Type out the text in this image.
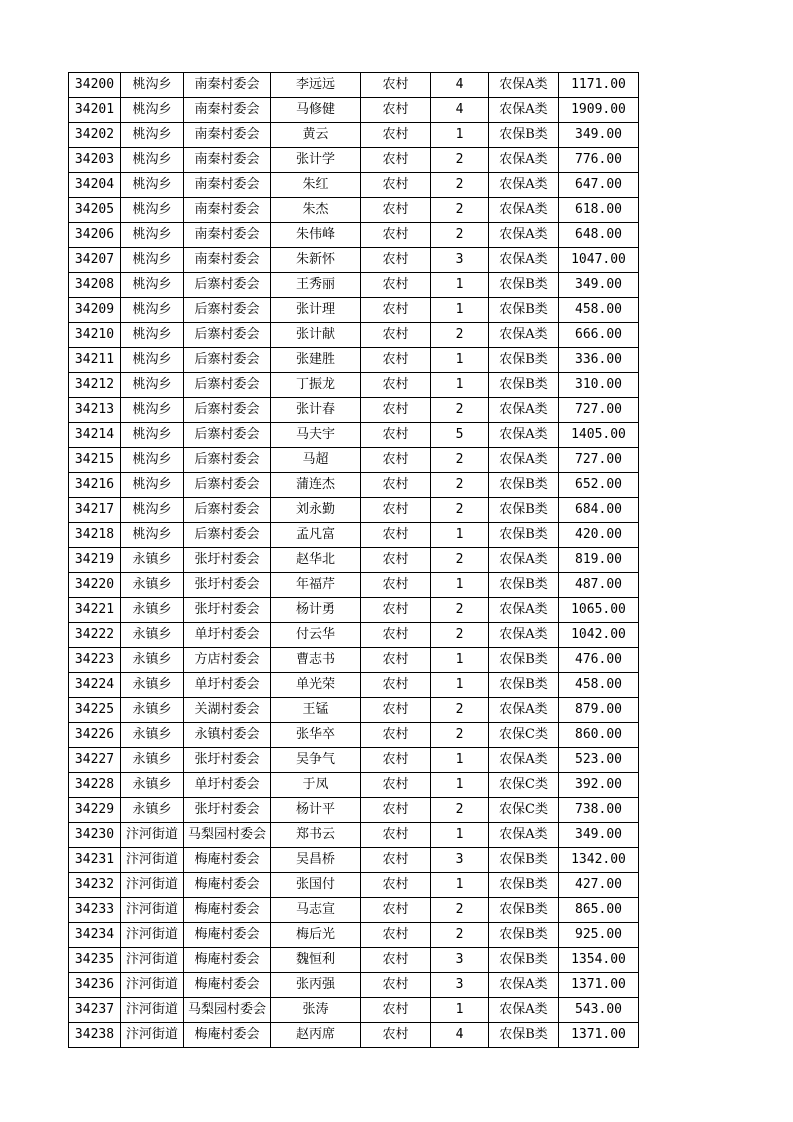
34200	桃沟乡	南秦村委会	李远远	农村	4	农保A类	1171.00
34201	桃沟乡	南秦村委会	马修健	农村	4	农保A类	1909.00
34202	桃沟乡	南秦村委会	黄云	农村	1	农保B类	349.00
34203	桃沟乡	南秦村委会	张计学	农村	2	农保A类	776.00
34204	桃沟乡	南秦村委会	朱红	农村	2	农保A类	647.00
34205	桃沟乡	南秦村委会	朱杰	农村	2	农保A类	618.00
34206	桃沟乡	南秦村委会	朱伟峰	农村	2	农保A类	648.00
34207	桃沟乡	南秦村委会	朱新怀	农村	3	农保A类	1047.00
34208	桃沟乡	后寨村委会	王秀丽	农村	1	农保B类	349.00
34209	桃沟乡	后寨村委会	张计理	农村	1	农保B类	458.00
34210	桃沟乡	后寨村委会	张计献	农村	2	农保A类	666.00
34211	桃沟乡	后寨村委会	张建胜	农村	1	农保B类	336.00
34212	桃沟乡	后寨村委会	丁振龙	农村	1	农保B类	310.00
34213	桃沟乡	后寨村委会	张计春	农村	2	农保A类	727.00
34214	桃沟乡	后寨村委会	马夫宇	农村	5	农保A类	1405.00
34215	桃沟乡	后寨村委会	马超	农村	2	农保A类	727.00
34216	桃沟乡	后寨村委会	蒲连杰	农村	2	农保B类	652.00
34217	桃沟乡	后寨村委会	刘永勤	农村	2	农保B类	684.00
34218	桃沟乡	后寨村委会	孟凡富	农村	1	农保B类	420.00
34219	永镇乡	张圩村委会	赵华北	农村	2	农保A类	819.00
34220	永镇乡	张圩村委会	年福芹	农村	1	农保B类	487.00
34221	永镇乡	张圩村委会	杨计勇	农村	2	农保A类	1065.00
34222	永镇乡	单圩村委会	付云华	农村	2	农保A类	1042.00
34223	永镇乡	方店村委会	曹志书	农村	1	农保B类	476.00
34224	永镇乡	单圩村委会	单光荣	农村	1	农保B类	458.00
34225	永镇乡	关湖村委会	王锰	农村	2	农保A类	879.00
34226	永镇乡	永镇村委会	张华卒	农村	2	农保C类	860.00
34227	永镇乡	张圩村委会	吴争气	农村	1	农保A类	523.00
34228	永镇乡	单圩村委会	于凤	农村	1	农保C类	392.00
34229	永镇乡	张圩村委会	杨计平	农村	2	农保C类	738.00
34230	汴河街道	马梨园村委会	郑书云	农村	1	农保A类	349.00
34231	汴河街道	梅庵村委会	吴昌桥	农村	3	农保B类	1342.00
34232	汴河街道	梅庵村委会	张国付	农村	1	农保B类	427.00
34233	汴河街道	梅庵村委会	马志宣	农村	2	农保B类	865.00
34234	汴河街道	梅庵村委会	梅后光	农村	2	农保B类	925.00
34235	汴河街道	梅庵村委会	魏恒利	农村	3	农保B类	1354.00
34236	汴河街道	梅庵村委会	张丙强	农村	3	农保A类	1371.00
34237	汴河街道	马梨园村委会	张涛	农村	1	农保A类	543.00
34238	汴河街道	梅庵村委会	赵丙席	农村	4	农保B类	1371.00
